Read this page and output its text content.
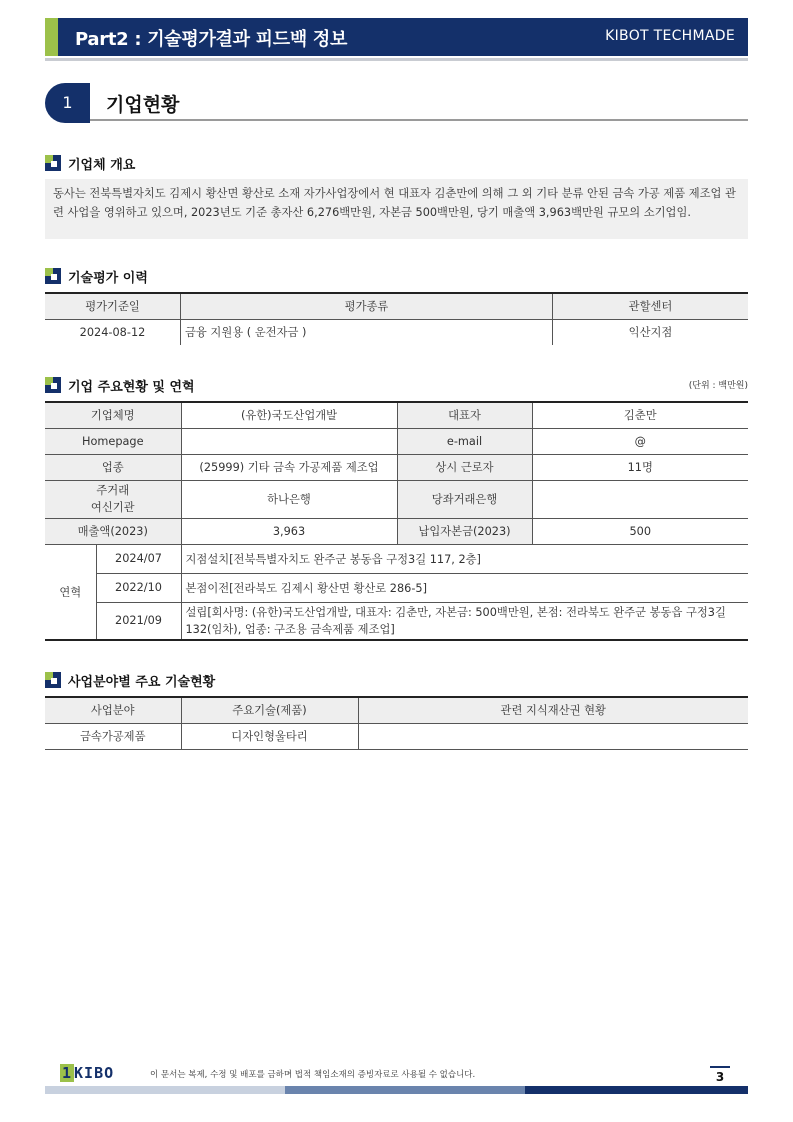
Part2 : 기술평가결과 피드백 정보	KIBOT TECHMADE
1	기업현황
기업체 개요
동사는 전북특별자치도 김제시 황산면 황산로 소재 자가사업장에서 현 대표자 김춘만에 의해 그 외 기타 분류 안된 금속 가공 제품 제조업 관련 사업을 영위하고 있으며, 2023년도 기준 총자산 6,276백만원, 자본금 500백만원, 당기 매출액 3,963백만원 규모의 소기업임.
기술평가 이력
평가기준일	평가종류	관할센터
2024-08-12	금융 지원용 ( 운전자금 )	익산지점
기업 주요현황 및 연혁	(단위 : 백만원)
기업체명		(유한)국도산업개발	대표자	김춘만
Homepage			e-mail	@
업종		(25999) 기타 금속 가공제품 제조업	상시 근로자	11명
주거래
여신기관		하나은행	당좌거래은행	
매출액(2023)		3,963	납입자본금(2023)	500
연혁	2024/07	지점설치[전북특별자치도 완주군 봉동읍 구정3길 117, 2층]		
	2022/10	본점이전[전라북도 김제시 황산면 황산로 286-5]		
	2021/09	설립[회사명: (유한)국도산업개발, 대표자: 김춘만, 자본금: 500백만원, 본점: 전라북도 완주군 봉동읍 구정3길 132(임차), 업종: 구조용 금속제품 제조업]		
사업분야별 주요 기술현황
사업분야	주요기술(제품)	관련 지식재산권 현황
금속가공제품	디자인형울타리	
1 KIBO	이 문서는 복제, 수정 및 배포를 금하며 법적 책임소재의 증빙자료로 사용될 수 없습니다.	3
